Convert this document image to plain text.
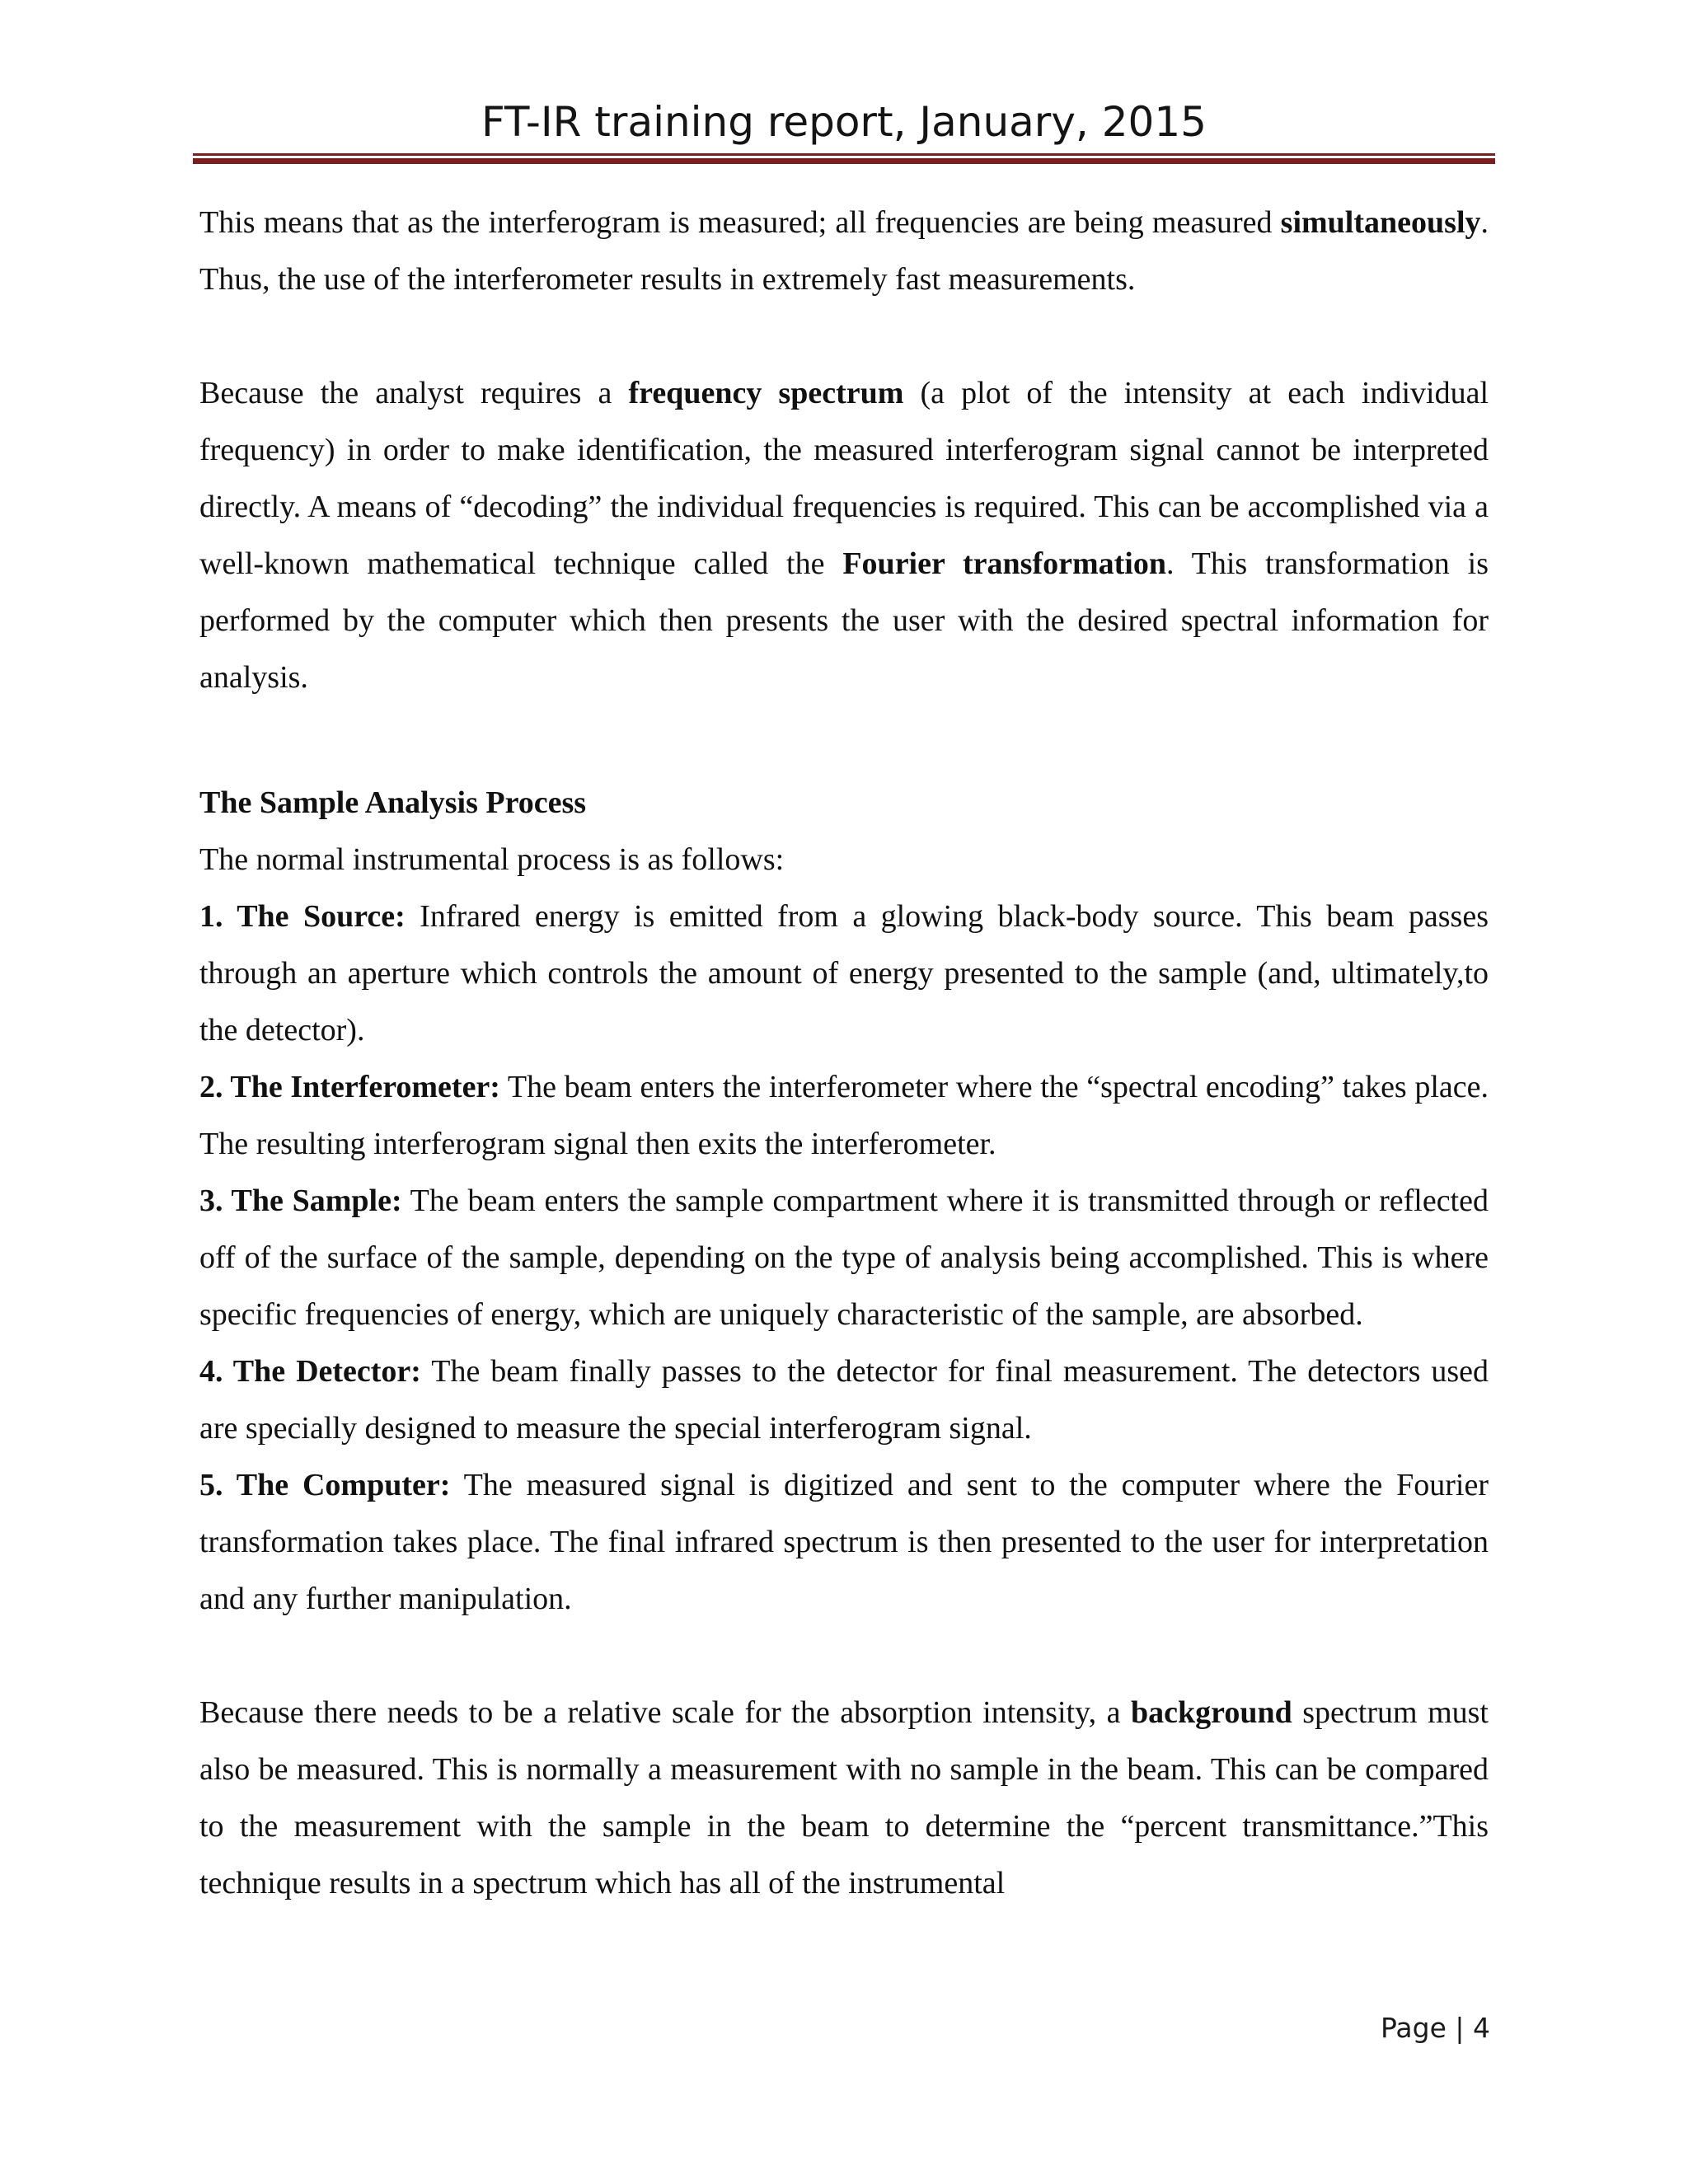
FT-IR training report, January, 2015

This means that as the interferogram is measured; all frequencies are being measured simultaneously. Thus, the use of the interferometer results in extremely fast measurements.

Because the analyst requires a frequency spectrum (a plot of the intensity at each individual frequency) in order to make identification, the measured interferogram signal cannot be interpreted directly. A means of “decoding” the individual frequencies is required. This can be accomplished via a well-known mathematical technique called the Fourier transformation. This transformation is performed by the computer which then presents the user with the desired spectral information for analysis.

The Sample Analysis Process

The normal instrumental process is as follows:

1. The Source: Infrared energy is emitted from a glowing black-body source. This beam passes through an aperture which controls the amount of energy presented to the sample (and, ultimately,to the detector).

2. The Interferometer: The beam enters the interferometer where the “spectral encoding” takes place. The resulting interferogram signal then exits the interferometer.

3. The Sample: The beam enters the sample compartment where it is transmitted through or reflected off of the surface of the sample, depending on the type of analysis being accomplished. This is where specific frequencies of energy, which are uniquely characteristic of the sample, are absorbed.

4. The Detector: The beam finally passes to the detector for final measurement. The detectors used are specially designed to measure the special interferogram signal.

5. The Computer: The measured signal is digitized and sent to the computer where the Fourier transformation takes place. The final infrared spectrum is then presented to the user for interpretation and any further manipulation.

Because there needs to be a relative scale for the absorption intensity, a background spectrum must also be measured. This is normally a measurement with no sample in the beam. This can be compared to the measurement with the sample in the beam to determine the “percent transmittance.”This technique results in a spectrum which has all of the instrumental

Page | 4
